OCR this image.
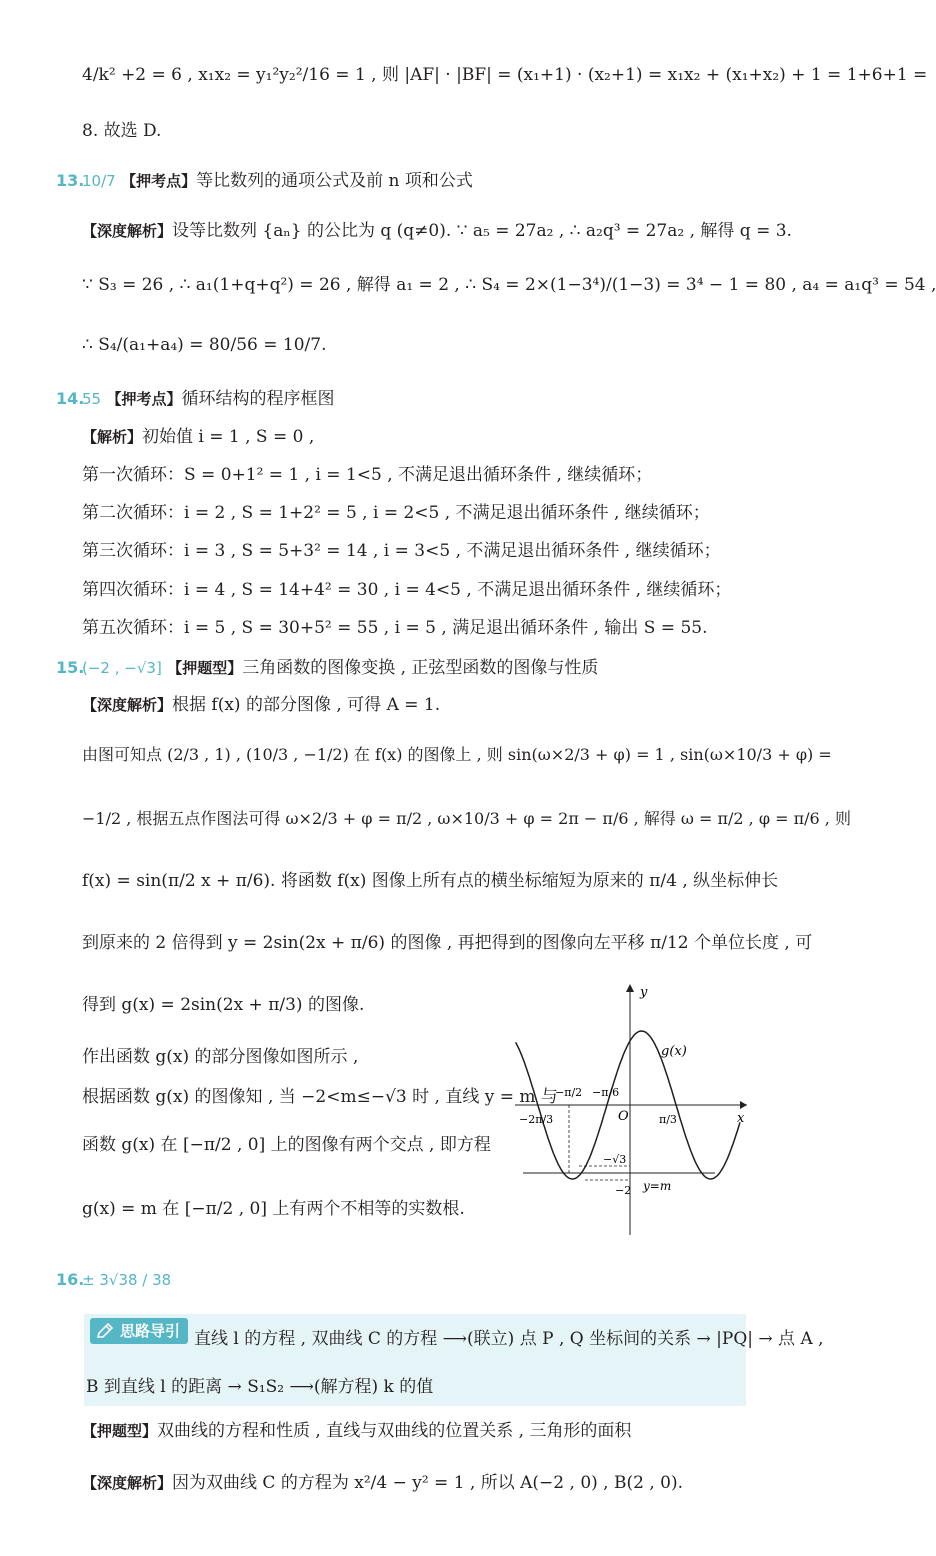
4/k² +2 = 6 , x₁x₂ = y₁²y₂²/16 = 1 , 则 |AF| · |BF| = (x₁+1) · (x₂+1) = x₁x₂ + (x₁+x₂) + 1 = 1+6+1 =
8. 故选 D.
13.
10/7 【押考点】等比数列的通项公式及前 n 项和公式
【深度解析】设等比数列 {aₙ} 的公比为 q (q≠0). ∵ a₅ = 27a₂ , ∴ a₂q³ = 27a₂ , 解得 q = 3.
∵ S₃ = 26 , ∴ a₁(1+q+q²) = 26 , 解得 a₁ = 2 , ∴ S₄ = 2×(1−3⁴)/(1−3) = 3⁴ − 1 = 80 , a₄ = a₁q³ = 54 ,
∴ S₄/(a₁+a₄) = 80/56 = 10/7.
14.
55 【押考点】循环结构的程序框图
【解析】初始值 i = 1 , S = 0 ,
第一次循环：S = 0+1² = 1 , i = 1<5 , 不满足退出循环条件 , 继续循环；
第二次循环：i = 2 , S = 1+2² = 5 , i = 2<5 , 不满足退出循环条件 , 继续循环；
第三次循环：i = 3 , S = 5+3² = 14 , i = 3<5 , 不满足退出循环条件 , 继续循环；
第四次循环：i = 4 , S = 14+4² = 30 , i = 4<5 , 不满足退出循环条件 , 继续循环；
第五次循环：i = 5 , S = 30+5² = 55 , i = 5 , 满足退出循环条件 , 输出 S = 55.
15.
(−2 , −√3] 【押题型】三角函数的图像变换 , 正弦型函数的图像与性质
【深度解析】根据 f(x) 的部分图像 , 可得 A = 1.
由图可知点 (2/3 , 1) , (10/3 , −1/2) 在 f(x) 的图像上 , 则 sin(ω×2/3 + φ) = 1 , sin(ω×10/3 + φ) =
−1/2 , 根据五点作图法可得 ω×2/3 + φ = π/2 , ω×10/3 + φ = 2π − π/6 , 解得 ω = π/2 , φ = π/6 , 则
f(x) = sin(π/2 x + π/6). 将函数 f(x) 图像上所有点的横坐标缩短为原来的 π/4 , 纵坐标伸长
到原来的 2 倍得到 y = 2sin(2x + π/6) 的图像 , 再把得到的图像向左平移 π/12 个单位长度 , 可
得到 g(x) = 2sin(2x + π/3) 的图像.
作出函数 g(x) 的部分图像如图所示 ,
根据函数 g(x) 的图像知 , 当 −2<m≤−√3 时 , 直线 y = m 与
函数 g(x) 在 [−π/2 , 0] 上的图像有两个交点 , 即方程
g(x) = m 在 [−π/2 , 0] 上有两个不相等的实数根.
y
x
g(x)
O
−π/2 −π/6
−2π/3	π/3
−√3
−2 y=m
16.
± 3√38 / 38
思路导引 直线 l 的方程 , 双曲线 C 的方程 ⟶(联立) 点 P , Q 坐标间的关系 → |PQ| → 点 A ,
B 到直线 l 的距离 → S₁S₂ ⟶(解方程) k 的值
【押题型】双曲线的方程和性质 , 直线与双曲线的位置关系 , 三角形的面积
【深度解析】因为双曲线 C 的方程为 x²/4 − y² = 1 , 所以 A(−2 , 0) , B(2 , 0).
